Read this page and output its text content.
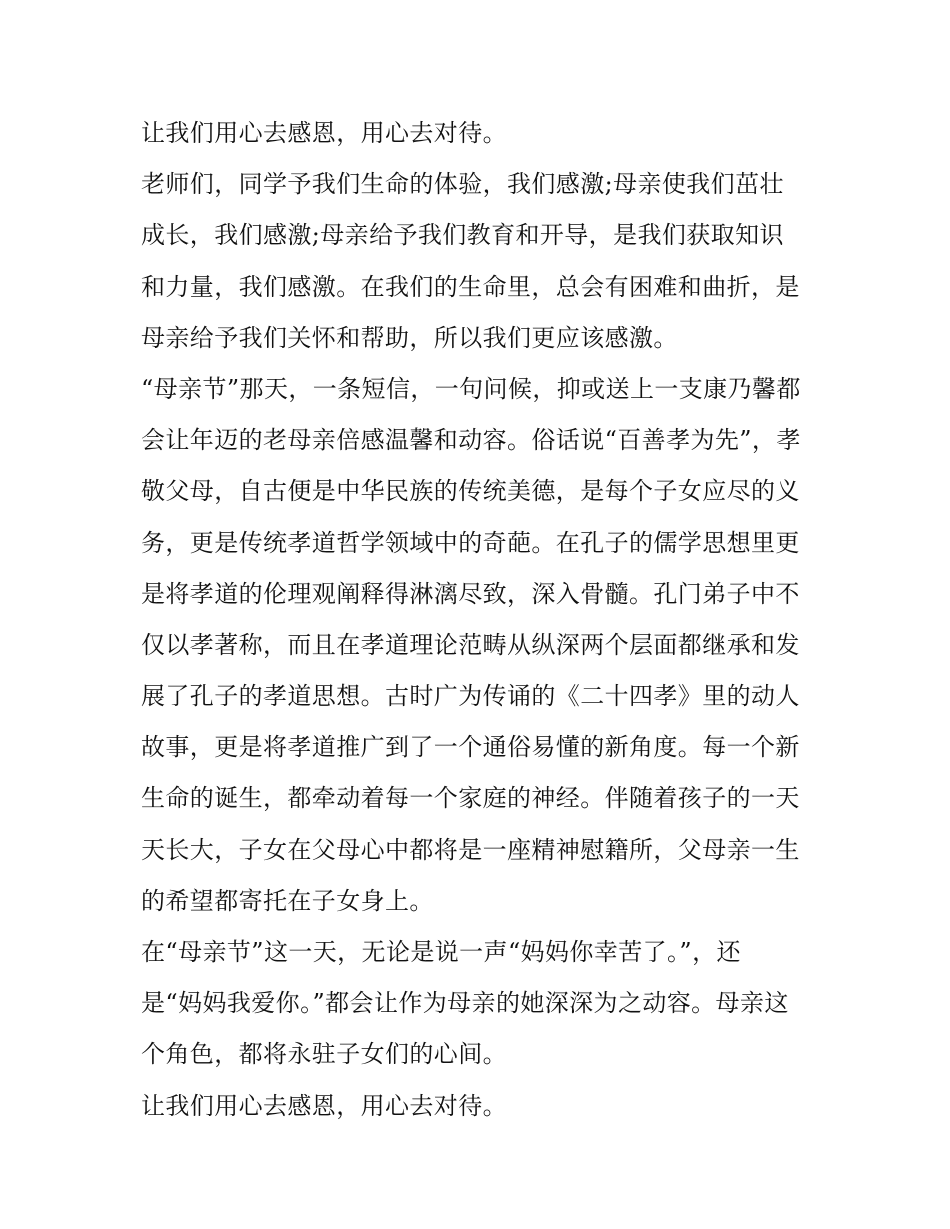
让我们用心去感恩，用心去对待。
老师们，同学予我们生命的体验，我们感激;母亲使我们茁壮
成长，我们感激;母亲给予我们教育和开导，是我们获取知识
和力量，我们感激。在我们的生命里，总会有困难和曲折，是
母亲给予我们关怀和帮助，所以我们更应该感激。
“母亲节”那天，一条短信，一句问候，抑或送上一支康乃馨都
会让年迈的老母亲倍感温馨和动容。俗话说“百善孝为先”，孝
敬父母，自古便是中华民族的传统美德，是每个子女应尽的义
务，更是传统孝道哲学领域中的奇葩。在孔子的儒学思想里更
是将孝道的伦理观阐释得淋漓尽致，深入骨髓。孔门弟子中不
仅以孝著称，而且在孝道理论范畴从纵深两个层面都继承和发
展了孔子的孝道思想。古时广为传诵的《二十四孝》里的动人
故事，更是将孝道推广到了一个通俗易懂的新角度。每一个新
生命的诞生，都牵动着每一个家庭的神经。伴随着孩子的一天
天长大，子女在父母心中都将是一座精神慰籍所，父母亲一生
的希望都寄托在子女身上。
在“母亲节”这一天，无论是说一声“妈妈你幸苦了。”，还
是“妈妈我爱你。”都会让作为母亲的她深深为之动容。母亲这
个角色，都将永驻子女们的心间。
让我们用心去感恩，用心去对待。
